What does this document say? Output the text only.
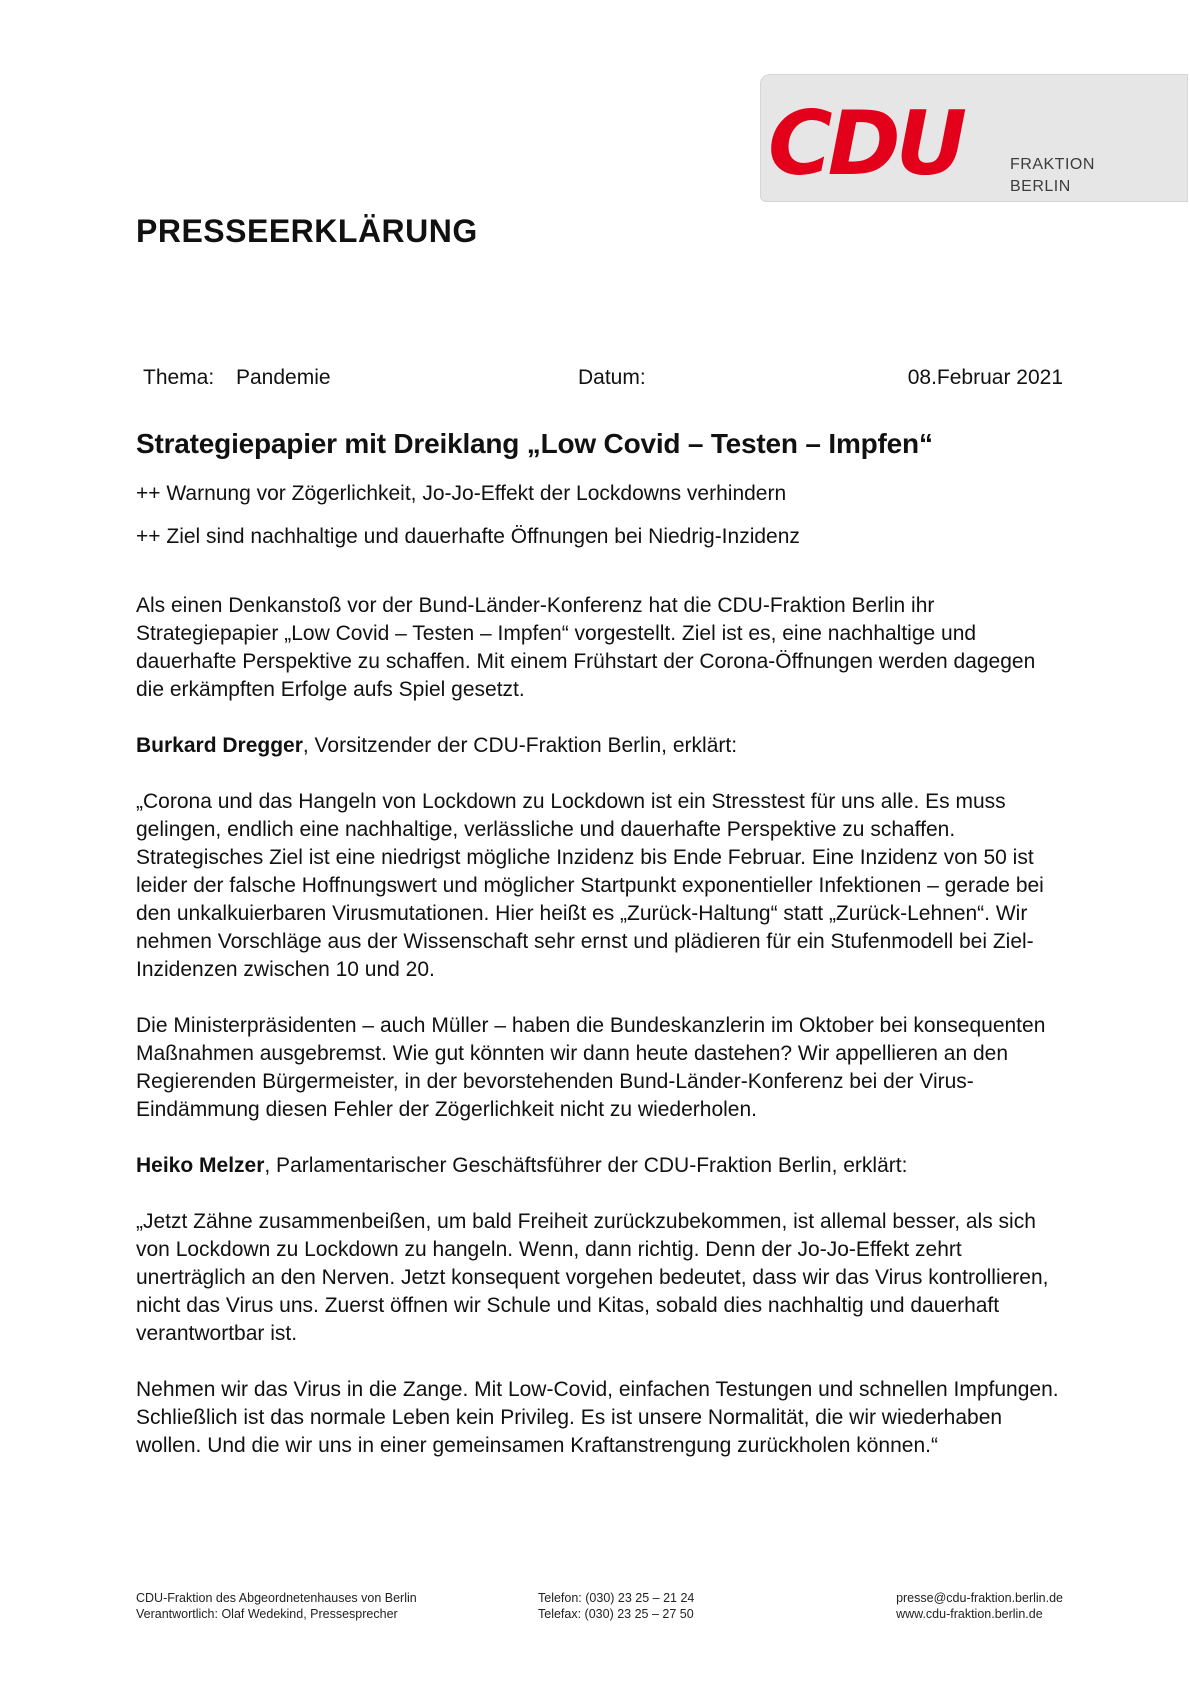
CDU	FRAKTION
BERLIN
PRESSEERKLÄRUNG
Thema: Pandemie	Datum:	08.Februar 2021
Strategiepapier mit Dreiklang „Low Covid – Testen – Impfen“
++ Warnung vor Zögerlichkeit, Jo-Jo-Effekt der Lockdowns verhindern
++ Ziel sind nachhaltige und dauerhafte Öffnungen bei Niedrig-Inzidenz

Als einen Denkanstoß vor der Bund-Länder-Konferenz hat die CDU-Fraktion Berlin ihr Strategiepapier „Low Covid – Testen – Impfen“ vorgestellt. Ziel ist es, eine nachhaltige und dauerhafte Perspektive zu schaffen. Mit einem Frühstart der Corona-Öffnungen werden dagegen die erkämpften Erfolge aufs Spiel gesetzt.

Burkard Dregger, Vorsitzender der CDU-Fraktion Berlin, erklärt:

„Corona und das Hangeln von Lockdown zu Lockdown ist ein Stresstest für uns alle. Es muss gelingen, endlich eine nachhaltige, verlässliche und dauerhafte Perspektive zu schaffen. Strategisches Ziel ist eine niedrigst mögliche Inzidenz bis Ende Februar. Eine Inzidenz von 50 ist leider der falsche Hoffnungswert und möglicher Startpunkt exponentieller Infektionen – gerade bei den unkalkuierbaren Virusmutationen. Hier heißt es „Zurück-Haltung“ statt „Zurück-Lehnen“. Wir nehmen Vorschläge aus der Wissenschaft sehr ernst und plädieren für ein Stufenmodell bei Ziel-Inzidenzen zwischen 10 und 20.

Die Ministerpräsidenten – auch Müller – haben die Bundeskanzlerin im Oktober bei konsequenten Maßnahmen ausgebremst. Wie gut könnten wir dann heute dastehen? Wir appellieren an den Regierenden Bürgermeister, in der bevorstehenden Bund-Länder-Konferenz bei der Virus-Eindämmung diesen Fehler der Zögerlichkeit nicht zu wiederholen.

Heiko Melzer, Parlamentarischer Geschäftsführer der CDU-Fraktion Berlin, erklärt:

„Jetzt Zähne zusammenbeißen, um bald Freiheit zurückzubekommen, ist allemal besser, als sich von Lockdown zu Lockdown zu hangeln. Wenn, dann richtig. Denn der Jo-Jo-Effekt zehrt unerträglich an den Nerven. Jetzt konsequent vorgehen bedeutet, dass wir das Virus kontrollieren, nicht das Virus uns. Zuerst öffnen wir Schule und Kitas, sobald dies nachhaltig und dauerhaft verantwortbar ist.

Nehmen wir das Virus in die Zange. Mit Low-Covid, einfachen Testungen und schnellen Impfungen. Schließlich ist das normale Leben kein Privileg. Es ist unsere Normalität, die wir wiederhaben wollen. Und die wir uns in einer gemeinsamen Kraftanstrengung zurückholen können.“

CDU-Fraktion des Abgeordnetenhauses von Berlin
Verantwortlich: Olaf Wedekind, Pressesprecher
Telefon: (030) 23 25 – 21 24
Telefax: (030) 23 25 – 27 50
presse@cdu-fraktion.berlin.de
www.cdu-fraktion.berlin.de
